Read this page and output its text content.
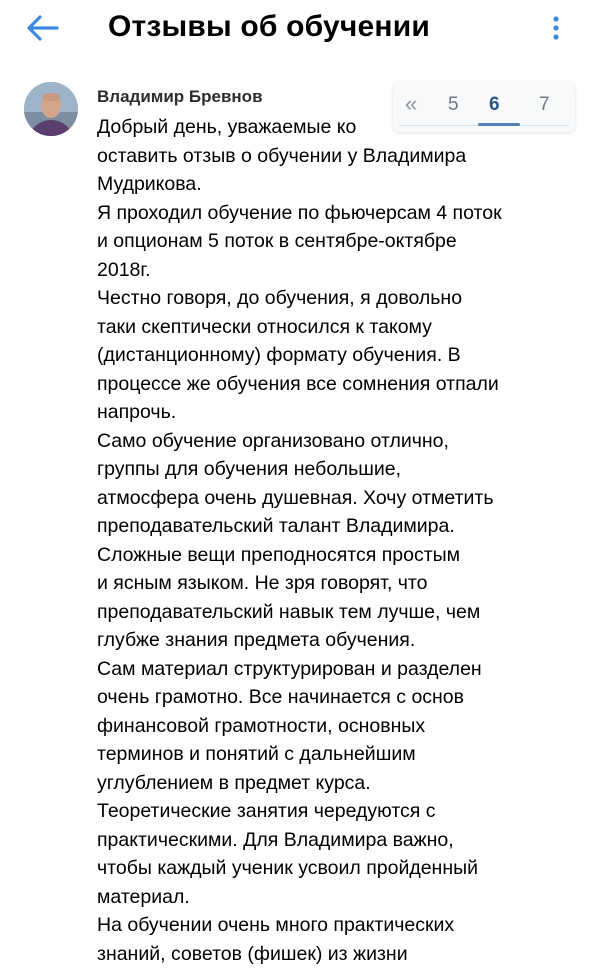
Отзывы об обучении
Владимир Бревнов

Добрый день, уважаемые ко

оставить отзыв о обучении у Владимира

Мудрикова.

Я проходил обучение по фьючерсам 4 поток

и опционам 5 поток в сентябре-октябре

2018г.

Честно говоря, до обучения, я довольно

таки скептически относился к такому

(дистанционному) формату обучения. В

процессе же обучения все сомнения отпали

напрочь.

Само обучение организовано отлично,

группы для обучения небольшие,

атмосфера очень душевная. Хочу отметить

преподавательский талант Владимира.

Сложные вещи преподносятся простым

и ясным языком. Не зря говорят, что

преподавательский навык тем лучше, чем

глубже знания предмета обучения.

Сам материал структурирован и разделен

очень грамотно. Все начинается с основ

финансовой грамотности, основных

терминов и понятий с дальнейшим

углублением в предмет курса.

Теоретические занятия чередуются с

практическими. Для Владимира важно,

чтобы каждый ученик усвоил пройденный

материал.

На обучении очень много практических

знаний, советов (фишек) из жизни

« 5 6 7
